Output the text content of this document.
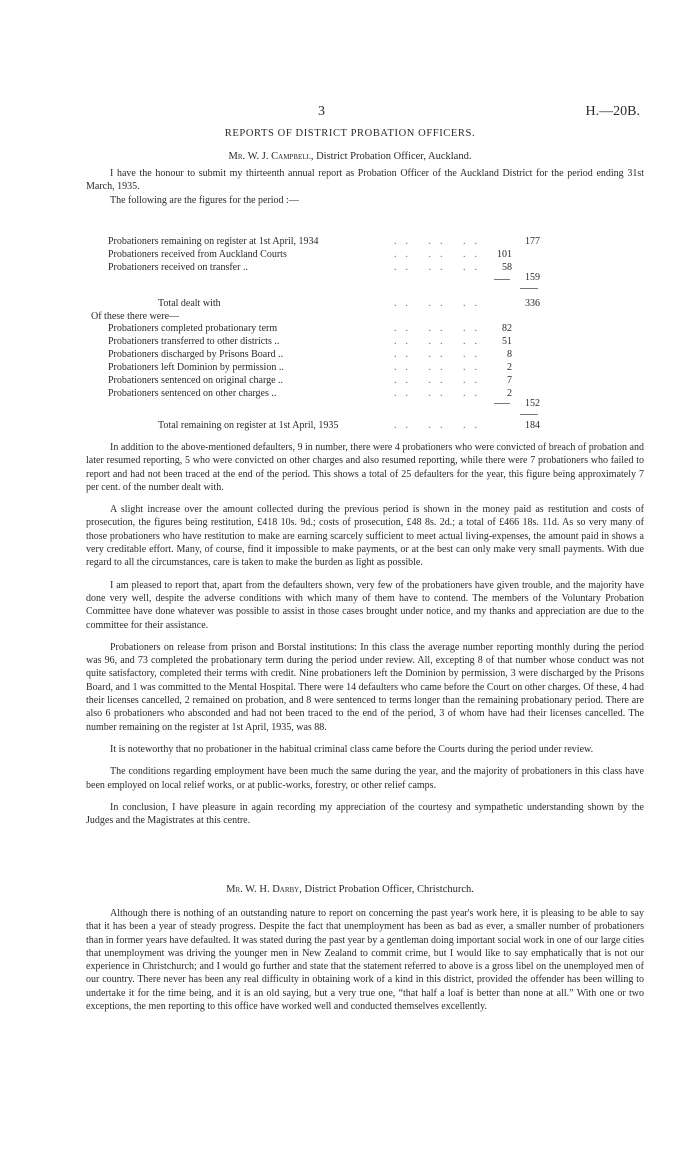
3	H.—20B.
REPORTS OF DISTRICT PROBATION OFFICERS.
Mr. W. J. Campbell, District Probation Officer, Auckland.

I have the honour to submit my thirteenth annual report as Probation Officer of the Auckland District for the period ending 31st March, 1935.

The following are the figures for the period :—

Probationers remaining on register at 1st April, 1934	.. .. ..	177
Probationers received from Auckland Courts	.. .. ..	101
Probationers received on transfer ..	.. .. ..	58
159
Total dealt with	.. .. ..	336
Of these there were—
Probationers completed probationary term	.. .. ..	82
Probationers transferred to other districts ..	.. .. ..	51
Probationers discharged by Prisons Board ..	.. .. ..	8
Probationers left Dominion by permission ..	.. .. ..	2
Probationers sentenced on original charge ..	.. .. ..	7
Probationers sentenced on other charges ..	.. .. ..	2
152
Total remaining on register at 1st April, 1935	.. .. ..	184

In addition to the above-mentioned defaulters, 9 in number, there were 4 probationers who were convicted of breach of probation and later resumed reporting, 5 who were convicted on other charges and also resumed reporting, while there were 7 probationers who failed to report and had not been traced at the end of the period. This shows a total of 25 defaulters for the year, this figure being approximately 7 per cent. of the number dealt with.

A slight increase over the amount collected during the previous period is shown in the money paid as restitution and costs of prosecution, the figures being restitution, £418 10s. 9d.; costs of prosecution, £48 8s. 2d.; a total of £466 18s. 11d. As so very many of those probationers who have restitution to make are earning scarcely sufficient to meet actual living-expenses, the amount paid in shows a very creditable effort. Many, of course, find it impossible to make payments, or at the best can only make very small payments. With due regard to all the circumstances, care is taken to make the burden as light as possible.

I am pleased to report that, apart from the defaulters shown, very few of the probationers have given trouble, and the majority have done very well, despite the adverse conditions with which many of them have to contend. The members of the Voluntary Probation Committee have done whatever was possible to assist in those cases brought under notice, and my thanks and appreciation are due to the committee for their assistance.

Probationers on release from prison and Borstal institutions: In this class the average number reporting monthly during the period was 96, and 73 completed the probationary term during the period under review. All, excepting 8 of that number whose conduct was not quite satisfactory, completed their terms with credit. Nine probationers left the Dominion by permission, 3 were discharged by the Prisons Board, and 1 was committed to the Mental Hospital. There were 14 defaulters who came before the Court on other charges. Of these, 4 had their licenses cancelled, 2 remained on probation, and 8 were sentenced to terms longer than the remaining probationary period. There are also 6 probationers who absconded and had not been traced to the end of the period, 3 of whom have had their licenses cancelled. The number remaining on the register at 1st April, 1935, was 88.

It is noteworthy that no probationer in the habitual criminal class came before the Courts during the period under review.

The conditions regarding employment have been much the same during the year, and the majority of probationers in this class have been employed on local relief works, or at public-works, forestry, or other relief camps.

In conclusion, I have pleasure in again recording my appreciation of the courtesy and sympathetic understanding shown by the Judges and the Magistrates at this centre.

Mr. W. H. Darby, District Probation Officer, Christchurch.

Although there is nothing of an outstanding nature to report on concerning the past year's work here, it is pleasing to be able to say that it has been a year of steady progress. Despite the fact that unemployment has been as bad as ever, a smaller number of probationers than in former years have defaulted. It was stated during the past year by a gentleman doing important social work in one of our large cities that unemployment was driving the younger men in New Zealand to commit crime, but I would like to say emphatically that is not our experience in Christchurch; and I would go further and state that the statement referred to above is a gross libel on the unemployed men of our country. There never has been any real difficulty in obtaining work of a kind in this district, provided the offender has been willing to undertake it for the time being, and it is an old saying, but a very true one, “that half a loaf is better than none at all.” With one or two exceptions, the men reporting to this office have worked well and conducted themselves excellently.
